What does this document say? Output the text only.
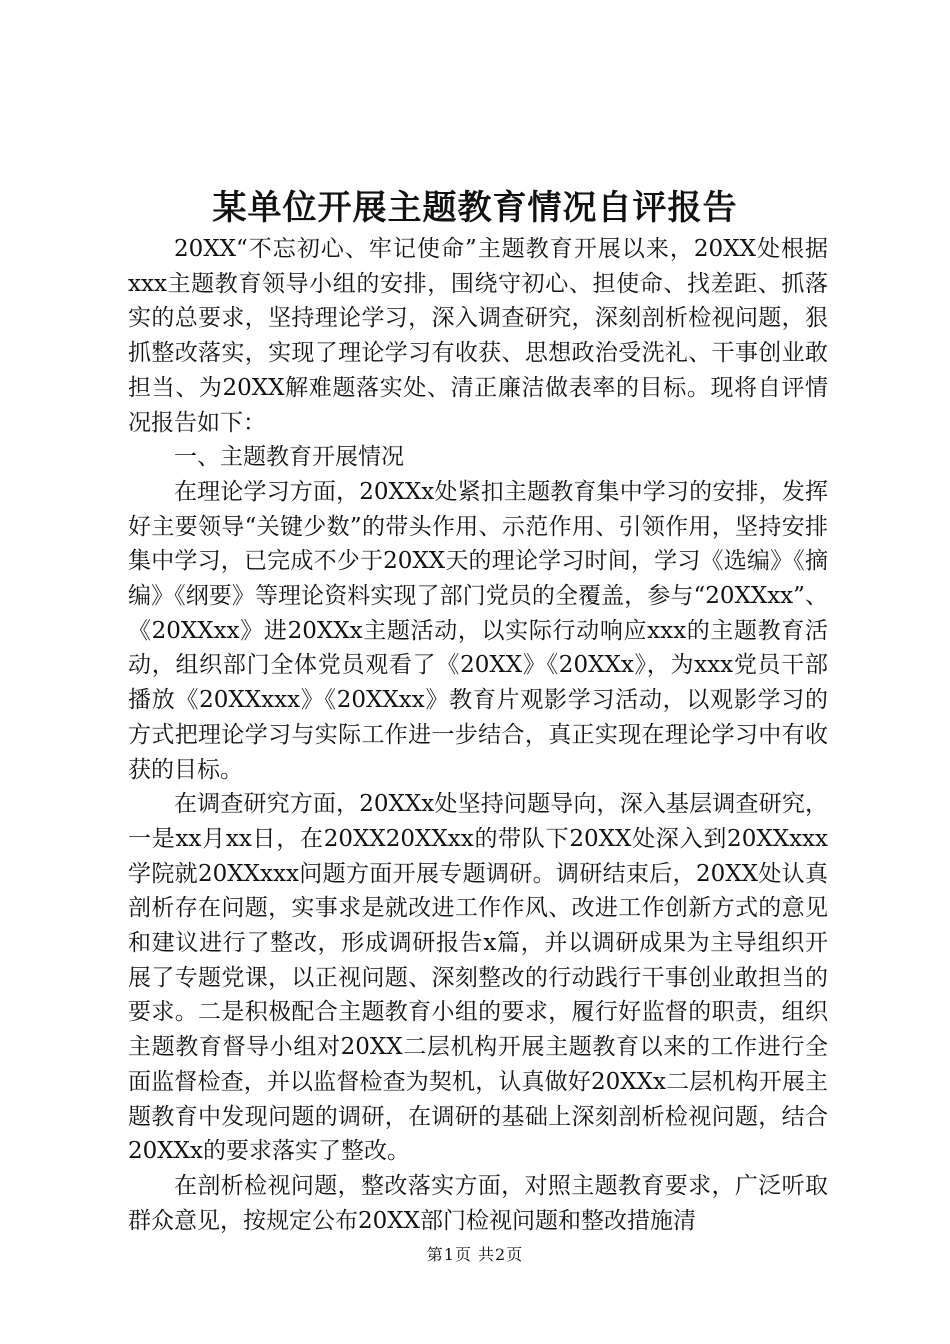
某单位开展主题教育情况自评报告

20XX“不忘初心、牢记使命”主题教育开展以来，20XX处根据xxx主题教育领导小组的安排，围绕守初心、担使命、找差距、抓落实的总要求，坚持理论学习，深入调查研究，深刻剖析检视问题，狠抓整改落实，实现了理论学习有收获、思想政治受洗礼、干事创业敢担当、为20XX解难题落实处、清正廉洁做表率的目标。现将自评情况报告如下：

一、主题教育开展情况

在理论学习方面，20XXx处紧扣主题教育集中学习的安排，发挥好主要领导“关键少数”的带头作用、示范作用、引领作用，坚持安排集中学习，已完成不少于20XX天的理论学习时间，学习《选编》《摘编》《纲要》等理论资料实现了部门党员的全覆盖，参与“20XXxx”、《20XXxx》进20XXx主题活动，以实际行动响应xxx的主题教育活动，组织部门全体党员观看了《20XX》《20XXx》，为xxx党员干部播放《20XXxxx》《20XXxx》教育片观影学习活动，以观影学习的方式把理论学习与实际工作进一步结合，真正实现在理论学习中有收获的目标。

在调查研究方面，20XXx处坚持问题导向，深入基层调查研究，一是xx月xx日，在20XX20XXxx的带队下20XX处深入到20XXxxx学院就20XXxxx问题方面开展专题调研。调研结束后，20XX处认真剖析存在问题，实事求是就改进工作作风、改进工作创新方式的意见和建议进行了整改，形成调研报告x篇，并以调研成果为主导组织开展了专题党课，以正视问题、深刻整改的行动践行干事创业敢担当的要求。二是积极配合主题教育小组的要求，履行好监督的职责，组织主题教育督导小组对20XX二层机构开展主题教育以来的工作进行全面监督检查，并以监督检查为契机，认真做好20XXx二层机构开展主题教育中发现问题的调研，在调研的基础上深刻剖析检视问题，结合20XXx的要求落实了整改。

在剖析检视问题，整改落实方面，对照主题教育要求，广泛听取群众意见，按规定公布20XX部门检视问题和整改措施清

第1页 共2页
